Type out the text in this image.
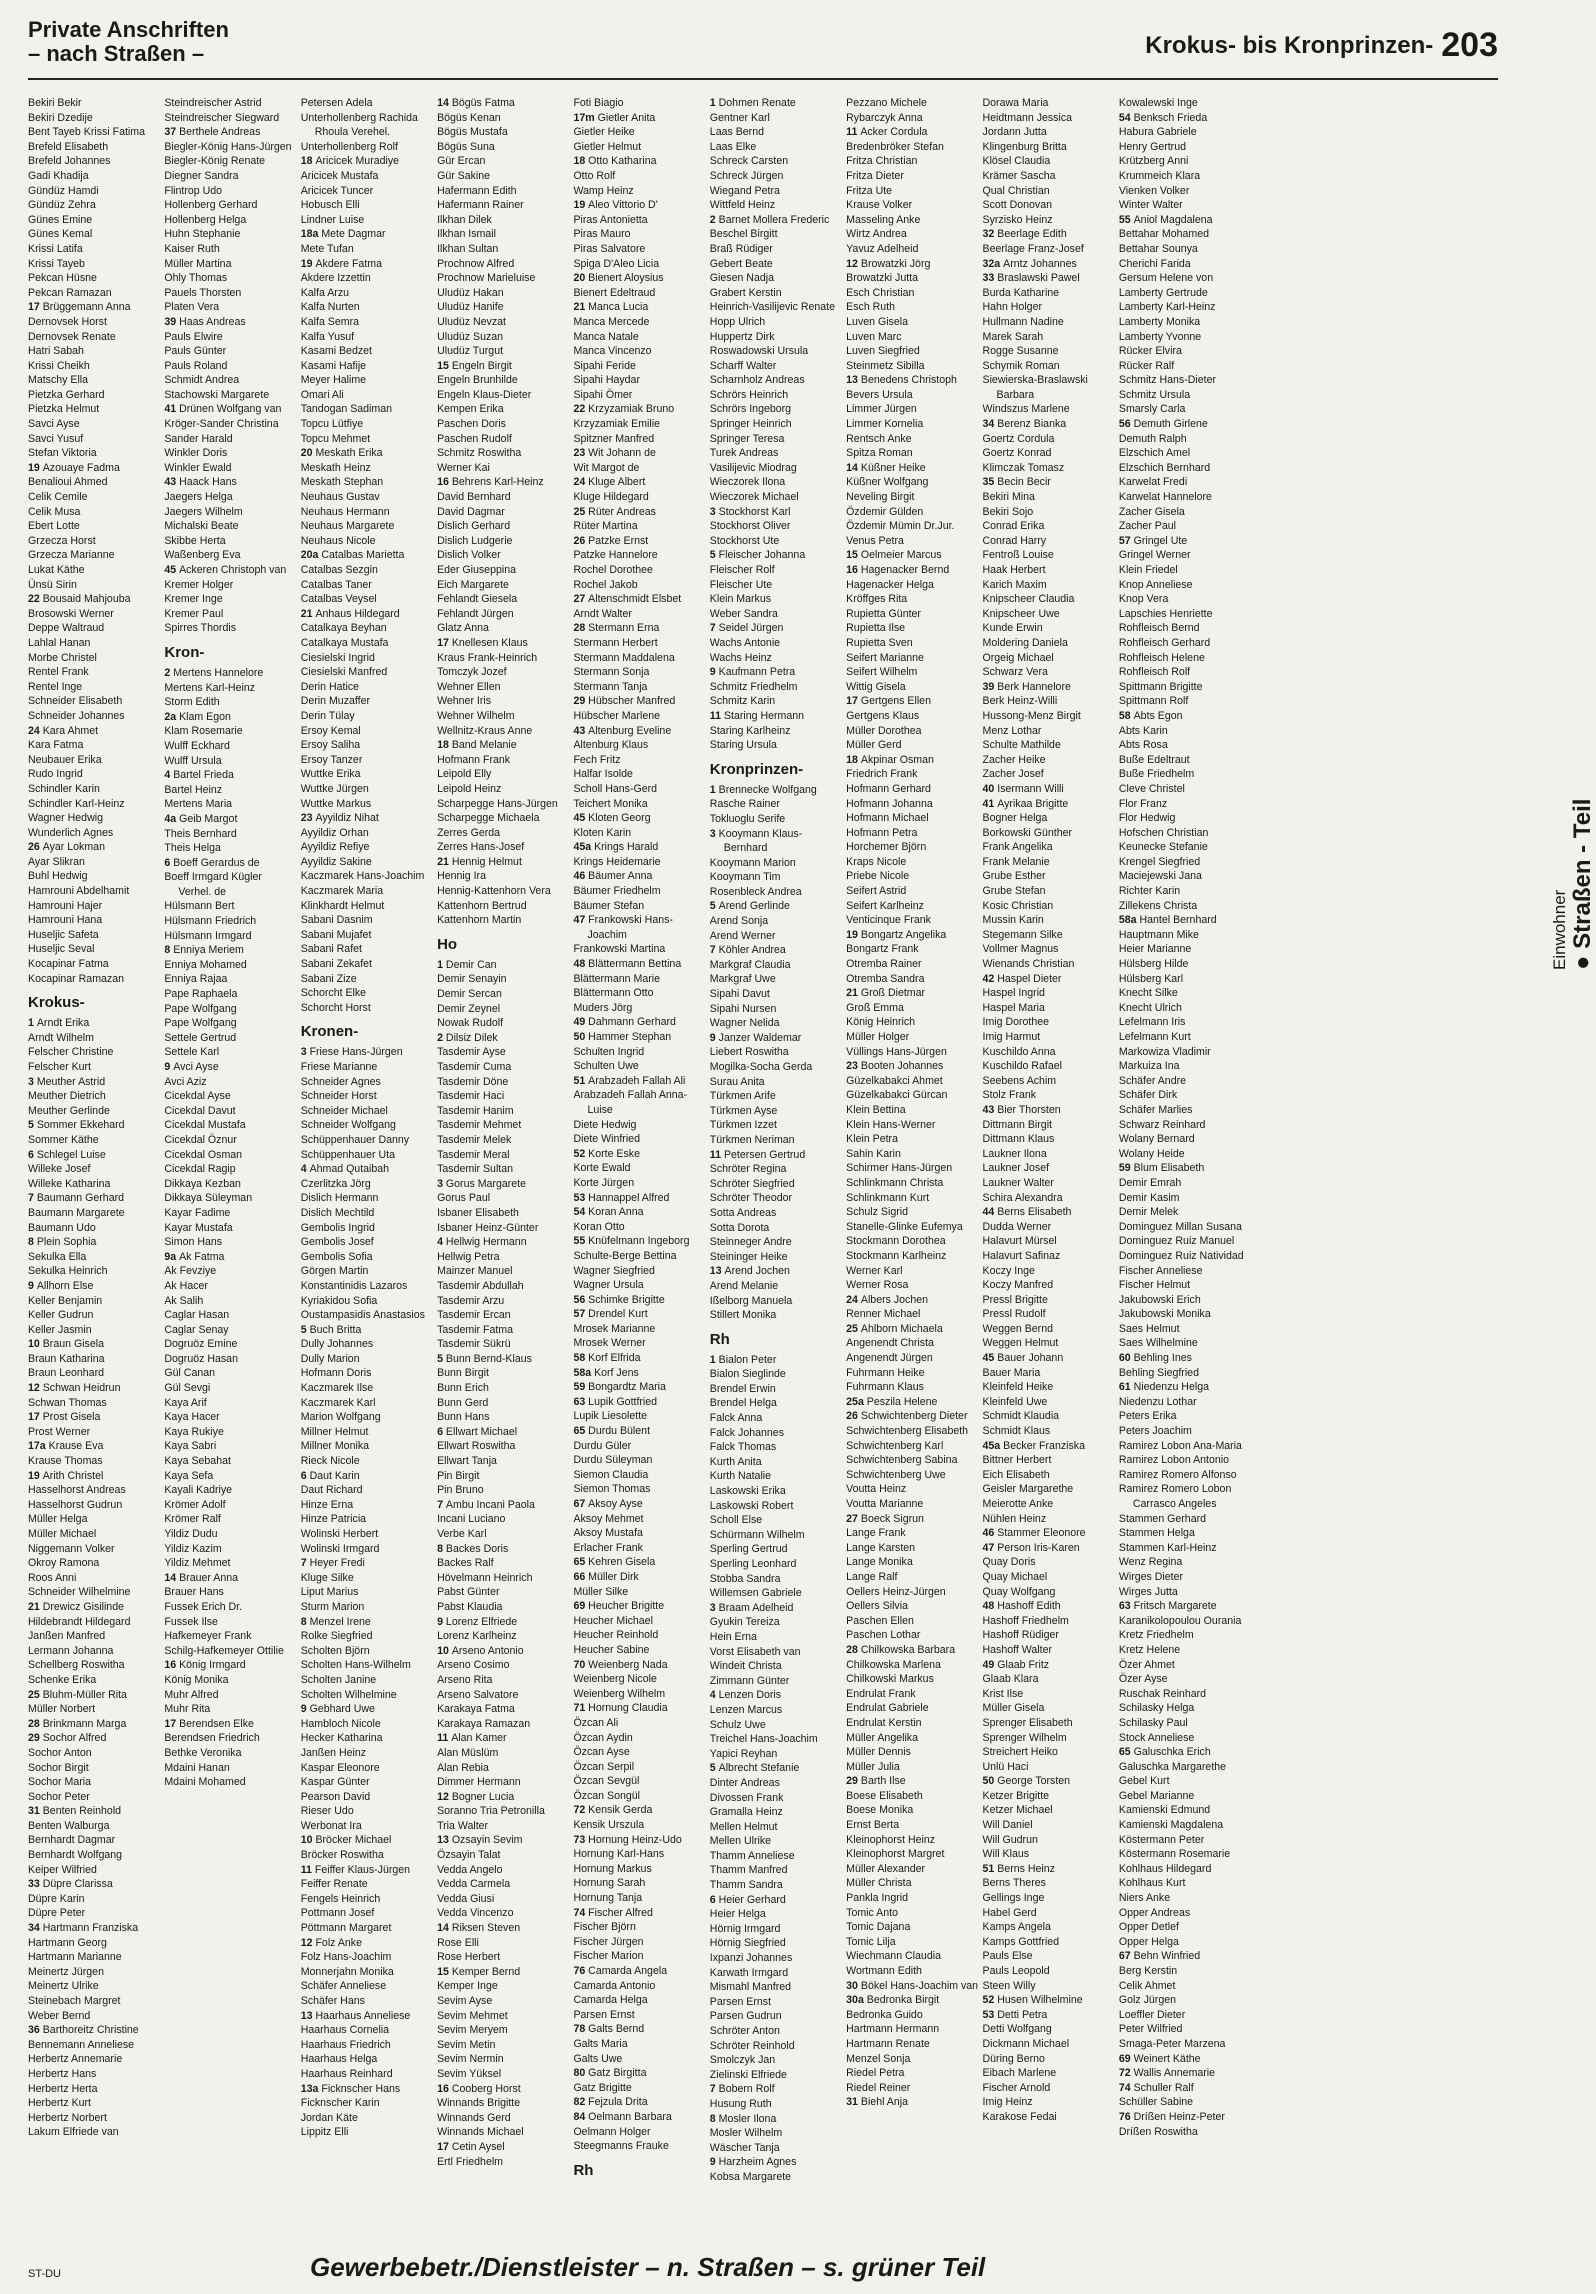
Private Anschriften
– nach Straßen –	Krokus- bis Kronprinzen- 203
Bekiri Bekir
Bekiri Dzedije
Bent Tayeb Krissi Fatima
Brefeld Elisabeth
Brefeld Johannes
Gadi Khadija
Gündüz Hamdi
Gündüz Zehra
Günes Emine
Günes Kemal
Krissi Latifa
Krissi Tayeb
Pekcan Hüsne
Pekcan Ramazan
17 Brüggemann Anna
Dernovsek Horst
Dernovsek Renate
Hatri Sabah
Krissi Cheikh
Matschy Ella
Pietzka Gerhard
Pietzka Helmut
Savci Ayse
Savci Yusuf
Stefan Viktoria
19 Azouaye Fadma
Benalioui Ahmed
Celik Cemile
Celik Musa
Ebert Lotte
Grzecza Horst
Grzecza Marianne
Lukat Käthe
Ünsü Sirin
22 Bousaid Mahjouba
Brosowski Werner
Deppe Waltraud
Lahlal Hanan
Morbe Christel
Rentel Frank
Rentel Inge
Schneider Elisabeth
Schneider Johannes
24 Kara Ahmet
Kara Fatma
Neubauer Erika
Rudo Ingrid
Schindler Karin
Schindler Karl-Heinz
Wagner Hedwig
Wunderlich Agnes
26 Ayar Lokman
Ayar Slikran
Buhl Hedwig
Hamrouni Abdelhamit
Hamrouni Hajer
Hamrouni Hana
Huseljic Safeta
Huseljic Seval
Kocapinar Fatma
Kocapinar Ramazan
Krokus-
1 Arndt Erika
Arndt Wilhelm
Felscher Christine
Felscher Kurt
3 Meuther Astrid
Meuther Dietrich
Meuther Gerlinde
5 Sommer Ekkehard
Sommer Käthe
6 Schlegel Luise
Willeke Josef
Willeke Katharina
7 Baumann Gerhard
Baumann Margarete
Baumann Udo
8 Plein Sophia
Sekulka Ella
Sekulka Heinrich
9 Allhorn Else
Keller Benjamin
Keller Gudrun
Keller Jasmin
10 Braun Gisela
Braun Katharina
Braun Leonhard
12 Schwan Heidrun
Schwan Thomas
17 Prost Gisela
Prost Werner
17a Krause Eva
Krause Thomas
19 Arith Christel
Hasselhorst Andreas
Hasselhorst Gudrun
Müller Helga
Müller Michael
Niggemann Volker
Okroy Ramona
Roos Anni
Schneider Wilhelmine
21 Drewicz Gisilinde
Hildebrandt Hildegard
Janßen Manfred
Lermann Johanna
Schellberg Roswitha
Schenke Erika
25 Bluhm-Müller Rita
Müller Norbert
28 Brinkmann Marga
29 Sochor Alfred
Sochor Anton
Sochor Birgit
Sochor Maria
Sochor Peter
31 Benten Reinhold
Benten Walburga
Bernhardt Dagmar
Bernhardt Wolfgang
Keiper Wilfried
33 Düpre Clarissa
Düpre Karin
Düpre Peter
34 Hartmann Franziska
Hartmann Georg
Hartmann Marianne
Meinertz Jürgen
Meinertz Ulrike
Steinebach Margret
Weber Bernd
36 Barthoreitz Christine
Bennemann Anneliese
Herbertz Annemarie
Herbertz Hans
Herbertz Herta
Herbertz Kurt
Herbertz Norbert
Lakum Elfriede van
Steindreischer Astrid
Steindreischer Siegward
37 Berthele Andreas
Biegler-König Hans-Jürgen
Biegler-König Renate
Diegner Sandra
Flintrop Udo
Hollenberg Gerhard
Hollenberg Helga
Huhn Stephanie
Kaiser Ruth
Müller Martina
Ohly Thomas
Pauels Thorsten
Platen Vera
39 Haas Andreas
Pauls Elwire
Pauls Günter
Pauls Roland
Schmidt Andrea
Stachowski Margarete
41 Drünen Wolfgang van
Kröger-Sander Christina
Sander Harald
Winkler Doris
Winkler Ewald
43 Haack Hans
Jaegers Helga
Jaegers Wilhelm
Michalski Beate
Skibbe Herta
Waßenberg Eva
45 Ackeren Christoph van
Kremer Holger
Kremer Inge
Kremer Paul
Spirres Thordis
Kron-
2 Mertens Hannelore
Mertens Karl-Heinz
Storm Edith
2a Klam Egon
Klam Rosemarie
Wulff Eckhard
Wulff Ursula
4 Bartel Frieda
Bartel Heinz
Mertens Maria
4a Geib Margot
Theis Bernhard
Theis Helga
6 Boeff Gerardus de
Boeff Irmgard Kügler
Verhel. de
Hülsmann Bert
Hülsmann Friedrich
Hülsmann Irmgard
8 Enniya Meriem
Enniya Mohamed
Enniya Rajaa
Pape Raphaela
Pape Wolfgang
Pape Wolfgang
Settele Gertrud
Settele Karl
9 Avci Ayse
Avci Aziz
Cicekdal Ayse
Cicekdal Davut
Cicekdal Mustafa
Cicekdal Öznur
Cicekdal Osman
Cicekdal Ragip
Dikkaya Kezban
Dikkaya Süleyman
Kayar Fadime
Kayar Mustafa
Simon Hans
9a Ak Fatma
Ak Fevziye
Ak Hacer
Ak Salih
Caglar Hasan
Caglar Senay
Dogruöz Emine
Dogruöz Hasan
Gül Canan
Gül Sevgi
Kaya Arif
Kaya Hacer
Kaya Rukiye
Kaya Sabri
Kaya Sebahat
Kaya Sefa
Kayali Kadriye
Krömer Adolf
Krömer Ralf
Yildiz Dudu
Yildiz Kazim
Yildiz Mehmet
14 Brauer Anna
Brauer Hans
Fussek Erich Dr.
Fussek Ilse
Hafkemeyer Frank
Schilg-Hafkemeyer Ottilie
16 König Irmgard
König Monika
Muhr Alfred
Muhr Rita
17 Berendsen Elke
Berendsen Friedrich
Bethke Veronika
Mdaini Hanan
Mdaini Mohamed
Petersen Adela
Unterhollenberg Rachida
Rhoula Verehel.
Unterhollenberg Rolf
18 Aricicek Muradiye
Aricicek Mustafa
Aricicek Tuncer
Hobusch Elli
Lindner Luise
18a Mete Dagmar
Mete Tufan
19 Akdere Fatma
Akdere Izzettin
Kalfa Arzu
Kalfa Nurten
Kalfa Semra
Kalfa Yusuf
Kasami Bedzet
Kasami Hafije
Meyer Halime
Omari Ali
Tandogan Sadiman
Topcu Lütfiye
Topcu Mehmet
20 Meskath Erika
Meskath Heinz
Meskath Stephan
Neuhaus Gustav
Neuhaus Hermann
Neuhaus Margarete
Neuhaus Nicole
20a Catalbas Marietta
Catalbas Sezgin
Catalbas Taner
Catalbas Veysel
21 Anhaus Hildegard
Catalkaya Beyhan
Catalkaya Mustafa
Ciesielski Ingrid
Ciesielski Manfred
Derin Hatice
Derin Muzaffer
Derin Tülay
Ersoy Kemal
Ersoy Saliha
Ersoy Tanzer
Wuttke Erika
Wuttke Jürgen
Wuttke Markus
23 Ayyildiz Nihat
Ayyildiz Orhan
Ayyildiz Refiye
Ayyildiz Sakine
Kaczmarek Hans-Joachim
Kaczmarek Maria
Klinkhardt Helmut
Sabani Dasnim
Sabani Mujafet
Sabani Rafet
Sabani Zekafet
Sabani Zize
Schorcht Elke
Schorcht Horst
Kronen-
3 Friese Hans-Jürgen
Friese Marianne
Schneider Agnes
Schneider Horst
Schneider Michael
Schneider Wolfgang
Schüppenhauer Danny
Schüppenhauer Uta
4 Ahmad Qutaibah
Czerlitzka Jörg
Dislich Hermann
Dislich Mechtild
Gembolis Ingrid
Gembolis Josef
Gembolis Sofia
Görgen Martin
Konstantinidis Lazaros
Kyriakidou Sofia
Oustampasidis Anastasios
5 Buch Britta
Dully Johannes
Dully Marion
Hofmann Doris
Kaczmarek Ilse
Kaczmarek Karl
Marion Wolfgang
Millner Helmut
Millner Monika
Rieck Nicole
6 Daut Karin
Daut Richard
Hinze Erna
Hinze Patricia
Wolinski Herbert
Wolinski Irmgard
7 Heyer Fredi
Kluge Silke
Liput Marius
Sturm Marion
8 Menzel Irene
Rolke Siegfried
Scholten Björn
Scholten Hans-Wilhelm
Scholten Janine
Scholten Wilhelmine
9 Gebhard Uwe
Hambloch Nicole
Hecker Katharina
Janßen Heinz
Kaspar Eleonore
Kaspar Günter
Pearson David
Rieser Udo
Werbonat Ira
10 Bröcker Michael
Bröcker Roswitha
11 Feiffer Klaus-Jürgen
Feiffer Renate
Fengels Heinrich
Pottmann Josef
Pöttmann Margaret
12 Folz Anke
Folz Hans-Joachim
Monnerjahn Monika
Schäfer Anneliese
Schäfer Hans
13 Haarhaus Anneliese
Haarhaus Cornelia
Haarhaus Friedrich
Haarhaus Helga
Haarhaus Reinhard
13a Ficknscher Hans
Ficknscher Karin
Jordan Käte
Lippitz Elli
14 Bögüs Fatma
Bögüs Kenan
Bögüs Mustafa
Bögüs Suna
Gür Ercan
Gür Sakine
Hafermann Edith
Hafermann Rainer
Ilkhan Dilek
Ilkhan Ismail
Ilkhan Sultan
Prochnow Alfred
Prochnow Marieluise
Uludüz Hakan
Uludüz Hanife
Uludüz Nevzat
Uludüz Suzan
Uludüz Turgut
15 Engeln Birgit
Engeln Brunhilde
Engeln Klaus-Dieter
Kempen Erika
Paschen Doris
Paschen Rudolf
Schmitz Roswitha
Werner Kai
16 Behrens Karl-Heinz
David Bernhard
David Dagmar
Dislich Gerhard
Dislich Ludgerie
Dislich Volker
Eder Giuseppina
Eich Margarete
Fehlandt Giesela
Fehlandt Jürgen
Glatz Anna
17 Knellesen Klaus
Kraus Frank-Heinrich
Tomczyk Jozef
Wehner Ellen
Wehner Iris
Wehner Wilhelm
Wellnitz-Kraus Anne
18 Band Melanie
Hofmann Frank
Leipold Elly
Leipold Heinz
Scharpegge Hans-Jürgen
Scharpegge Michaela
Zerres Gerda
Zerres Hans-Josef
21 Hennig Helmut
Hennig Ira
Hennig-Kattenhorn Vera
Kattenhorn Bertrud
Kattenhorn Martin
Ho
1 Demir Can
Demir Senayin
Demir Sercan
Demir Zeynel
Nowak Rudolf
2 Dilsiz Dilek
Tasdemir Ayse
Tasdemir Cuma
Tasdemir Döne
Tasdemir Haci
Tasdemir Hanim
Tasdemir Mehmet
Tasdemir Melek
Tasdemir Meral
Tasdemir Sultan
3 Gorus Margarete
Gorus Paul
Isbaner Elisabeth
Isbaner Heinz-Günter
4 Hellwig Hermann
Hellwig Petra
Mainzer Manuel
Tasdemir Abdullah
Tasdemir Arzu
Tasdemir Ercan
Tasdemir Fatma
Tasdemir Sükrü
5 Bunn Bernd-Klaus
Bunn Birgit
Bunn Erich
Bunn Gerd
Bunn Hans
6 Ellwart Michael
Ellwart Roswitha
Ellwart Tanja
Pin Birgit
Pin Bruno
7 Ambu Incani Paola
Incani Luciano
Verbe Karl
8 Backes Doris
Backes Ralf
Hövelmann Heinrich
Pabst Günter
Pabst Klaudia
9 Lorenz Elfriede
Lorenz Karlheinz
10 Arseno Antonio
Arseno Cosimo
Arseno Rita
Arseno Salvatore
Karakaya Fatma
Karakaya Ramazan
11 Alan Kamer
Alan Müslüm
Alan Rebia
Dimmer Hermann
12 Bogner Lucia
Soranno Tria Petronilla
Tria Walter
13 Ozsayin Sevim
Özsayin Talat
Vedda Angelo
Vedda Carmela
Vedda Giusi
Vedda Vincenzo
14 Riksen Steven
Rose Elli
Rose Herbert
15 Kemper Bernd
Kemper Inge
Sevim Ayse
Sevim Mehmet
Sevim Meryem
Sevim Metin
Sevim Nermin
Sevim Yüksel
16 Cooberg Horst
Winnands Brigitte
Winnands Gerd
Winnands Michael
17 Cetin Aysel
Ertl Friedhelm
Foti Biagio
17m Gietler Anita
Gietler Heike
Gietler Helmut
18 Otto Katharina
Otto Rolf
Wamp Heinz
19 Aleo Vittorio D'
Piras Antonietta
Piras Mauro
Piras Salvatore
Spiga D'Aleo Licia
20 Bienert Aloysius
Bienert Edeltraud
21 Manca Lucia
Manca Mercede
Manca Natale
Manca Vincenzo
Sipahi Feride
Sipahi Haydar
Sipahi Ömer
22 Krzyzamiak Bruno
Krzyzamiak Emilie
Spitzner Manfred
23 Wit Johann de
Wit Margot de
24 Kluge Albert
Kluge Hildegard
25 Rüter Andreas
Rüter Martina
26 Patzke Ernst
Patzke Hannelore
Rochel Dorothee
Rochel Jakob
27 Altenschmidt Elsbet
Arndt Walter
28 Stermann Erna
Stermann Herbert
Stermann Maddalena
Stermann Sonja
Stermann Tanja
29 Hübscher Manfred
Hübscher Marlene
43 Altenburg Eveline
Altenburg Klaus
Fech Fritz
Halfar Isolde
Scholl Hans-Gerd
Teichert Monika
45 Kloten Georg
Kloten Karin
45a Krings Harald
Krings Heidemarie
46 Bäumer Anna
Bäumer Friedhelm
Bäumer Stefan
47 Frankowski Hans-
Joachim
Frankowski Martina
48 Blättermann Bettina
Blättermann Marie
Blättermann Otto
Muders Jörg
49 Dahmann Gerhard
50 Hammer Stephan
Schulten Ingrid
Schulten Uwe
51 Arabzadeh Fallah Ali
Arabzadeh Fallah Anna-
Luise
Diete Hedwig
Diete Winfried
52 Korte Eske
Korte Ewald
Korte Jürgen
53 Hannappel Alfred
54 Koran Anna
Koran Otto
55 Knüfelmann Ingeborg
Schulte-Berge Bettina
Wagner Siegfried
Wagner Ursula
56 Schimke Brigitte
57 Drendel Kurt
Mrosek Marianne
Mrosek Werner
58 Korf Elfrida
58a Korf Jens
59 Bongardtz Maria
63 Lupik Gottfried
Lupik Liesolette
65 Durdu Bülent
Durdu Güler
Durdu Süleyman
Siemon Claudia
Siemon Thomas
67 Aksoy Ayse
Aksoy Mehmet
Aksoy Mustafa
Erlacher Frank
65 Kehren Gisela
66 Müller Dirk
Müller Silke
69 Heucher Brigitte
Heucher Michael
Heucher Reinhold
Heucher Sabine
70 Weienberg Nada
Weienberg Nicole
Weienberg Wilhelm
71 Hornung Claudia
Özcan Ali
Özcan Aydin
Özcan Ayse
Özcan Serpil
Özcan Sevgül
Özcan Songül
72 Kensik Gerda
Kensik Urszula
73 Hornung Heinz-Udo
Hornung Karl-Hans
Hornung Markus
Hornung Sarah
Hornung Tanja
74 Fischer Alfred
Fischer Björn
Fischer Jürgen
Fischer Marion
76 Camarda Angela
Camarda Antonio
Camarda Helga
Parsen Ernst
78 Galts Bernd
Galts Maria
Galts Uwe
80 Gatz Birgitta
Gatz Brigitte
82 Fejzula Drita
84 Oelmann Barbara
Oelmann Holger
Steegmanns Frauke
Rh
1 Dohmen Renate
Gentner Karl
Laas Bernd
Laas Elke
Schreck Carsten
Schreck Jürgen
Wiegand Petra
Wittfeld Heinz
2 Barnet Mollera Frederic
Beschel Birgitt
Braß Rüdiger
Gebert Beate
Giesen Nadja
Grabert Kerstin
Heinrich-Vasilijevic Renate
Hopp Ulrich
Huppertz Dirk
Roswadowski Ursula
Scharff Walter
Scharnholz Andreas
Schrörs Heinrich
Schrörs Ingeborg
Springer Heinrich
Springer Teresa
Turek Andreas
Vasilijevic Miodrag
Wieczorek Ilona
Wieczorek Michael
3 Stockhorst Karl
Stockhorst Oliver
Stockhorst Ute
5 Fleischer Johanna
Fleischer Rolf
Fleischer Ute
Klein Markus
Weber Sandra
7 Seidel Jürgen
Wachs Antonie
Wachs Heinz
9 Kaufmann Petra
Schmitz Friedhelm
Schmitz Karin
11 Staring Hermann
Staring Karlheinz
Staring Ursula
Kronprinzen-
1 Brennecke Wolfgang
Rasche Rainer
Tokluoglu Serife
3 Kooymann Klaus-
Bernhard
Kooymann Marion
Kooymann Tim
Rosenbleck Andrea
5 Arend Gerlinde
Arend Sonja
Arend Werner
7 Köhler Andrea
Markgraf Claudia
Markgraf Uwe
Sipahi Davut
Sipahi Nursen
Wagner Nelida
9 Janzer Waldemar
Liebert Roswitha
Mogilka-Socha Gerda
Surau Anita
Türkmen Arife
Türkmen Ayse
Türkmen Izzet
Türkmen Neriman
11 Petersen Gertrud
Schröter Regina
Schröter Siegfried
Schröter Theodor
Sotta Andreas
Sotta Dorota
Steinneger Andre
Steininger Heike
13 Arend Jochen
Arend Melanie
Ißelborg Manuela
Stillert Monika
Rh
1 Bialon Peter
Bialon Sieglinde
Brendel Erwin
Brendel Helga
Falck Anna
Falck Johannes
Falck Thomas
Kurth Anita
Kurth Natalie
Laskowski Erika
Laskowski Robert
Scholl Else
Schürmann Wilhelm
Sperling Gertrud
Sperling Leonhard
Stobba Sandra
Willemsen Gabriele
3 Braam Adelheid
Gyukin Tereiza
Hein Erna
Vorst Elisabeth van
Windeit Christa
Zimmann Günter
4 Lenzen Doris
Lenzen Marcus
Schulz Uwe
Treichel Hans-Joachim
Yapici Reyhan
5 Albrecht Stefanie
Dinter Andreas
Divossen Frank
Gramalla Heinz
Mellen Helmut
Mellen Ulrike
Thamm Anneliese
Thamm Manfred
Thamm Sandra
6 Heier Gerhard
Heier Helga
Hörnig Irmgard
Hörnig Siegfried
Ixpanzi Johannes
Karwath Irmgard
Mismahl Manfred
Parsen Ernst
Parsen Gudrun
Schröter Anton
Schröter Reinhold
Smolczyk Jan
Zielinski Elfriede
7 Bobern Rolf
Husung Ruth
8 Mosler Ilona
Mosler Wilhelm
Wäscher Tanja
9 Harzheim Agnes
Kobsa Margarete
Pezzano Michele
Rybarczyk Anna
11 Acker Cordula
Bredenbröker Stefan
Fritza Christian
Fritza Dieter
Fritza Ute
Krause Volker
Masseling Anke
Wirtz Andrea
Yavuz Adelheid
12 Browatzki Jörg
Browatzki Jutta
Esch Christian
Esch Ruth
Luven Gisela
Luven Marc
Luven Siegfried
Steinmetz Sibilla
13 Benedens Christoph
Bevers Ursula
Limmer Jürgen
Limmer Kornelia
Rentsch Anke
Spitza Roman
14 Küßner Heike
Küßner Wolfgang
Neveling Birgit
Özdemir Gülden
Özdemir Mümin Dr.Jur.
Venus Petra
15 Oelmeier Marcus
16 Hagenacker Bernd
Hagenacker Helga
Kröffges Rita
Rupietta Günter
Rupietta Ilse
Rupietta Sven
Seifert Marianne
Seifert Wilhelm
Wittig Gisela
17 Gertgens Ellen
Gertgens Klaus
Müller Dorothea
Müller Gerd
18 Akpinar Osman
Friedrich Frank
Hofmann Gerhard
Hofmann Johanna
Hofmann Michael
Hofmann Petra
Horchemer Björn
Kraps Nicole
Priebe Nicole
Seifert Astrid
Seifert Karlheinz
Venticinque Frank
19 Bongartz Angelika
Bongartz Frank
Otremba Rainer
Otremba Sandra
21 Groß Dietmar
Groß Emma
König Heinrich
Müller Holger
Vüllings Hans-Jürgen
23 Booten Johannes
Güzelkabakci Ahmet
Güzelkabakci Gürcan
Klein Bettina
Klein Hans-Werner
Klein Petra
Sahin Karin
Schirmer Hans-Jürgen
Schlinkmann Christa
Schlinkmann Kurt
Schulz Sigrid
Stanelle-Glinke Eufemya
Stockmann Dorothea
Stockmann Karlheinz
Werner Karl
Werner Rosa
24 Albers Jochen
Renner Michael
25 Ahlborn Michaela
Angenendt Christa
Angenendt Jürgen
Fuhrmann Heike
Fuhrmann Klaus
25a Peszila Helene
26 Schwichtenberg Dieter
Schwichtenberg Elisabeth
Schwichtenberg Karl
Schwichtenberg Sabina
Schwichtenberg Uwe
Voutta Heinz
Voutta Marianne
27 Boeck Sigrun
Lange Frank
Lange Karsten
Lange Monika
Lange Ralf
Oellers Heinz-Jürgen
Oellers Silvia
Paschen Ellen
Paschen Lothar
28 Chilkowska Barbara
Chilkowska Marlena
Chilkowski Markus
Endrulat Frank
Endrulat Gabriele
Endrulat Kerstin
Müller Angelika
Müller Dennis
Müller Julia
29 Barth Ilse
Boese Elisabeth
Boese Monika
Ernst Berta
Kleinophorst Heinz
Kleinophorst Margret
Müller Alexander
Müller Christa
Pankla Ingrid
Tomic Anto
Tomic Dajana
Tomic Lilja
Wiechmann Claudia
Wortmann Edith
30 Bökel Hans-Joachim van
30a Bedronka Birgit
Bedronka Guido
Hartmann Hermann
Hartmann Renate
Menzel Sonja
Riedel Petra
Riedel Reiner
31 Biehl Anja
Dorawa Maria
Heidtmann Jessica
Jordann Jutta
Klingenburg Britta
Klösel Claudia
Krämer Sascha
Qual Christian
Scott Donovan
Syrzisko Heinz
32 Beerlage Edith
Beerlage Franz-Josef
32a Arntz Johannes
33 Braslawski Pawel
Burda Katharine
Hahn Holger
Hullmann Nadine
Marek Sarah
Rogge Susanne
Schymik Roman
Siewierska-Braslawski
Barbara
Windszus Marlene
34 Berenz Bianka
Goertz Cordula
Goertz Konrad
Klimczak Tomasz
35 Becin Becir
Bekiri Mina
Bekiri Sojo
Conrad Erika
Conrad Harry
Fentroß Louise
Haak Herbert
Karich Maxim
Knipscheer Claudia
Knipscheer Uwe
Kunde Erwin
Moldering Daniela
Orgeig Michael
Schwarz Vera
39 Berk Hannelore
Berk Heinz-Willi
Hussong-Menz Birgit
Menz Lothar
Schulte Mathilde
Zacher Heike
Zacher Josef
40 Isermann Willi
41 Ayrikaa Brigitte
Bogner Helga
Borkowski Günther
Frank Angelika
Frank Melanie
Grube Esther
Grube Stefan
Kosic Christian
Mussin Karin
Stegemann Silke
Vollmer Magnus
Wienands Christian
42 Haspel Dieter
Haspel Ingrid
Haspel Maria
Imig Dorothee
Imig Harmut
Kuschildo Anna
Kuschildo Rafael
Seebens Achim
Stolz Frank
43 Bier Thorsten
Dittmann Birgit
Dittmann Klaus
Laukner Ilona
Laukner Josef
Laukner Walter
Schira Alexandra
44 Berns Elisabeth
Dudda Werner
Halavurt Mürsel
Halavurt Safinaz
Koczy Inge
Koczy Manfred
Pressl Brigitte
Pressl Rudolf
Weggen Bernd
Weggen Helmut
45 Bauer Johann
Bauer Maria
Kleinfeld Heike
Kleinfeld Uwe
Schmidt Klaudia
Schmidt Klaus
45a Becker Franziska
Bittner Herbert
Eich Elisabeth
Geisler Margarethe
Meierotte Anke
Nühlen Heinz
46 Stammer Eleonore
47 Person Iris-Karen
Quay Doris
Quay Michael
Quay Wolfgang
48 Hashoff Edith
Hashoff Friedhelm
Hashoff Rüdiger
Hashoff Walter
49 Glaab Fritz
Glaab Klara
Krist Ilse
Müller Gisela
Sprenger Elisabeth
Sprenger Wilhelm
Streichert Heiko
Unlü Haci
50 George Torsten
Ketzer Brigitte
Ketzer Michael
Will Daniel
Will Gudrun
Will Klaus
51 Berns Heinz
Berns Theres
Gellings Inge
Habel Gerd
Kamps Angela
Kamps Gottfried
Pauls Else
Pauls Leopold
Steen Willy
52 Husen Wilhelmine
53 Detti Petra
Detti Wolfgang
Dickmann Michael
Düring Berno
Eibach Marlene
Fischer Arnold
Imig Heinz
Karakose Fedai
Kowalewski Inge
54 Benksch Frieda
Habura Gabriele
Henry Gertrud
Krützberg Anni
Krummeich Klara
Vienken Volker
Winter Walter
55 Aniol Magdalena
Bettahar Mohamed
Bettahar Sounya
Cherichi Farida
Gersum Helene von
Lamberty Gertrude
Lamberty Karl-Heinz
Lamberty Monika
Lamberty Yvonne
Rücker Elvira
Rücker Ralf
Schmitz Hans-Dieter
Schmitz Ursula
Smarsly Carla
56 Demuth Girlene
Demuth Ralph
Elzschich Amel
Elzschich Bernhard
Karwelat Fredi
Karwelat Hannelore
Zacher Gisela
Zacher Paul
57 Gringel Ute
Gringel Werner
Klein Friedel
Knop Anneliese
Knop Vera
Lapschies Henriette
Rohfleisch Bernd
Rohfleisch Gerhard
Rohfleisch Helene
Rohfleisch Rolf
Spittmann Brigitte
Spittmann Rolf
58 Abts Egon
Abts Karin
Abts Rosa
Buße Edeltraut
Buße Friedhelm
Cleve Christel
Flor Franz
Flor Hedwig
Hofschen Christian
Keunecke Stefanie
Krengel Siegfried
Maciejewski Jana
Richter Karin
Zillekens Christa
58a Hantel Bernhard
Hauptmann Mike
Heier Marianne
Hülsberg Hilde
Hülsberg Karl
Knecht Silke
Knecht Ulrich
Lefelmann Iris
Lefelmann Kurt
Markowiza Vladimir
Markuiza Ina
Schäfer Andre
Schäfer Dirk
Schäfer Marlies
Schwarz Reinhard
Wolany Bernard
Wolany Heide
59 Blum Elisabeth
Demir Emrah
Demir Kasim
Demir Melek
Dominguez Millan Susana
Dominguez Ruiz Manuel
Dominguez Ruiz Natividad
Fischer Anneliese
Fischer Helmut
Jakubowski Erich
Jakubowski Monika
Saes Helmut
Saes Wilhelmine
60 Behling Ines
Behling Siegfried
61 Niedenzu Helga
Niedenzu Lothar
Peters Erika
Peters Joachim
Ramirez Lobon Ana-Maria
Ramirez Lobon Antonio
Ramirez Romero Alfonso
Ramirez Romero Lobon
Carrasco Angeles
Stammen Gerhard
Stammen Helga
Stammen Karl-Heinz
Wenz Regina
Wirges Dieter
Wirges Jutta
63 Fritsch Margarete
Karanikolopoulou Ourania
Kretz Friedhelm
Kretz Helene
Özer Ahmet
Özer Ayse
Ruschak Reinhard
Schilasky Helga
Schilasky Paul
Stock Anneliese
65 Galuschka Erich
Galuschka Margarethe
Gebel Kurt
Gebel Marianne
Kamienski Edmund
Kamienski Magdalena
Köstermann Peter
Köstermann Rosemarie
Kohlhaus Hildegard
Kohlhaus Kurt
Niers Anke
Opper Andreas
Opper Detlef
Opper Helga
67 Behn Winfried
Berg Kerstin
Celik Ahmet
Golz Jürgen
Loeffler Dieter
Peter Wilfried
Smaga-Peter Marzena
69 Weinert Käthe
72 Wallis Annemarie
74 Schuller Ralf
Schüller Sabine
76 Dríßen Heinz-Peter
Dríßen Roswitha
Einwohner ● Straßen - Teil
ST-DU	Gewerbebetr./Dienstleister – n. Straßen – s. grüner Teil
